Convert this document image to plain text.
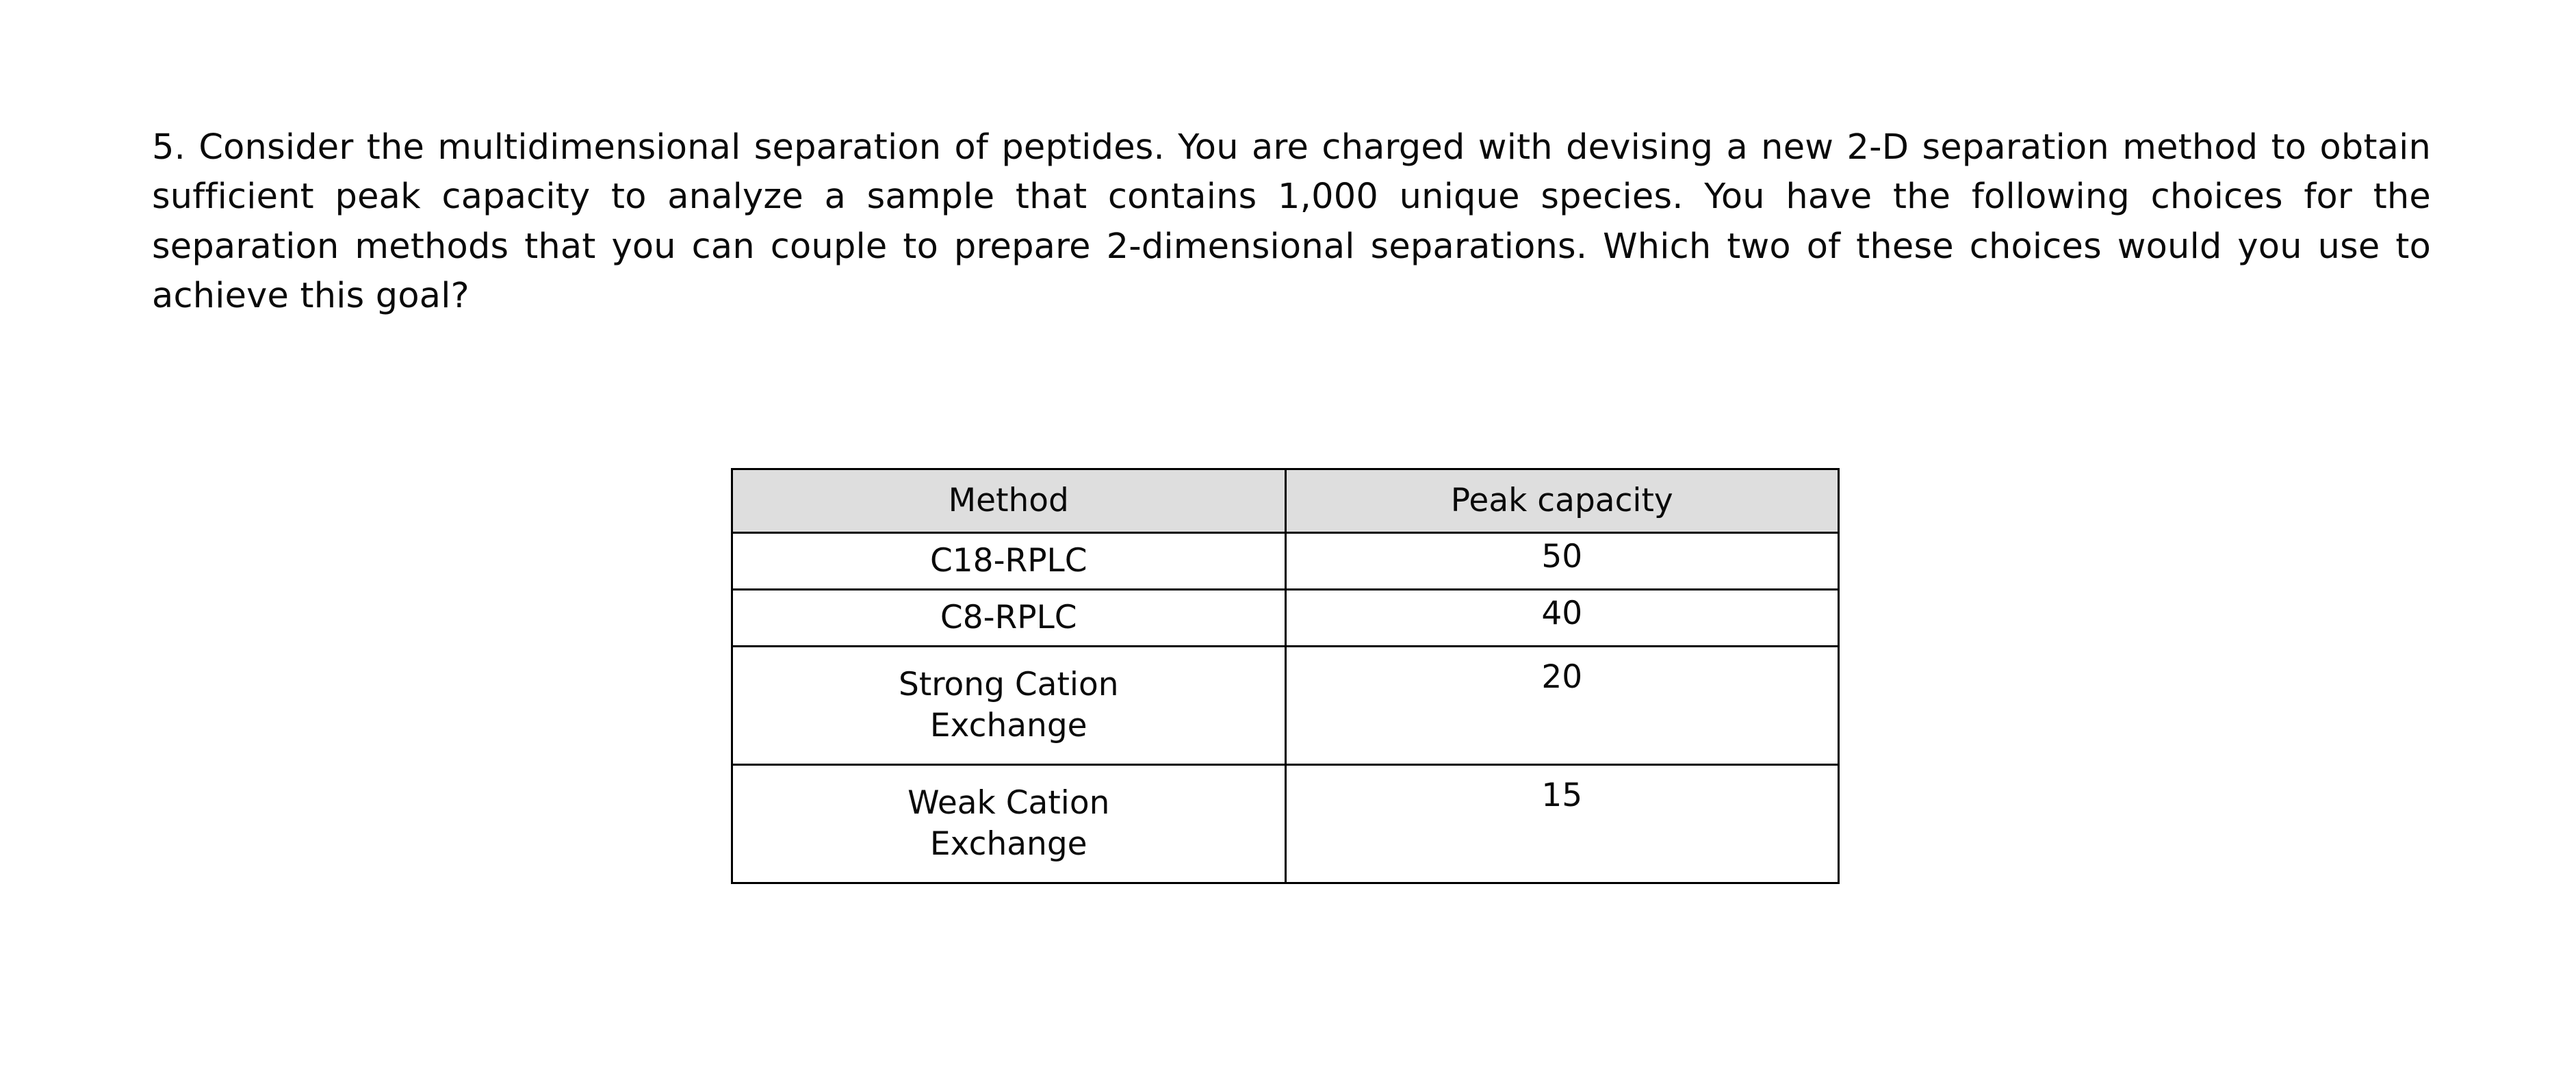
5. Consider the multidimensional separation of peptides. You are charged with devising a new 2-D separation method to obtain sufficient peak capacity to analyze a sample that contains 1,000 unique species. You have the following choices for the separation methods that you can couple to prepare 2-dimensional separations. Which two of these choices would you use to achieve this goal?
Method	Peak capacity
C18-RPLC	50
C8-RPLC	40

Strong Cation
Exchange	20

Weak Cation
Exchange	15
